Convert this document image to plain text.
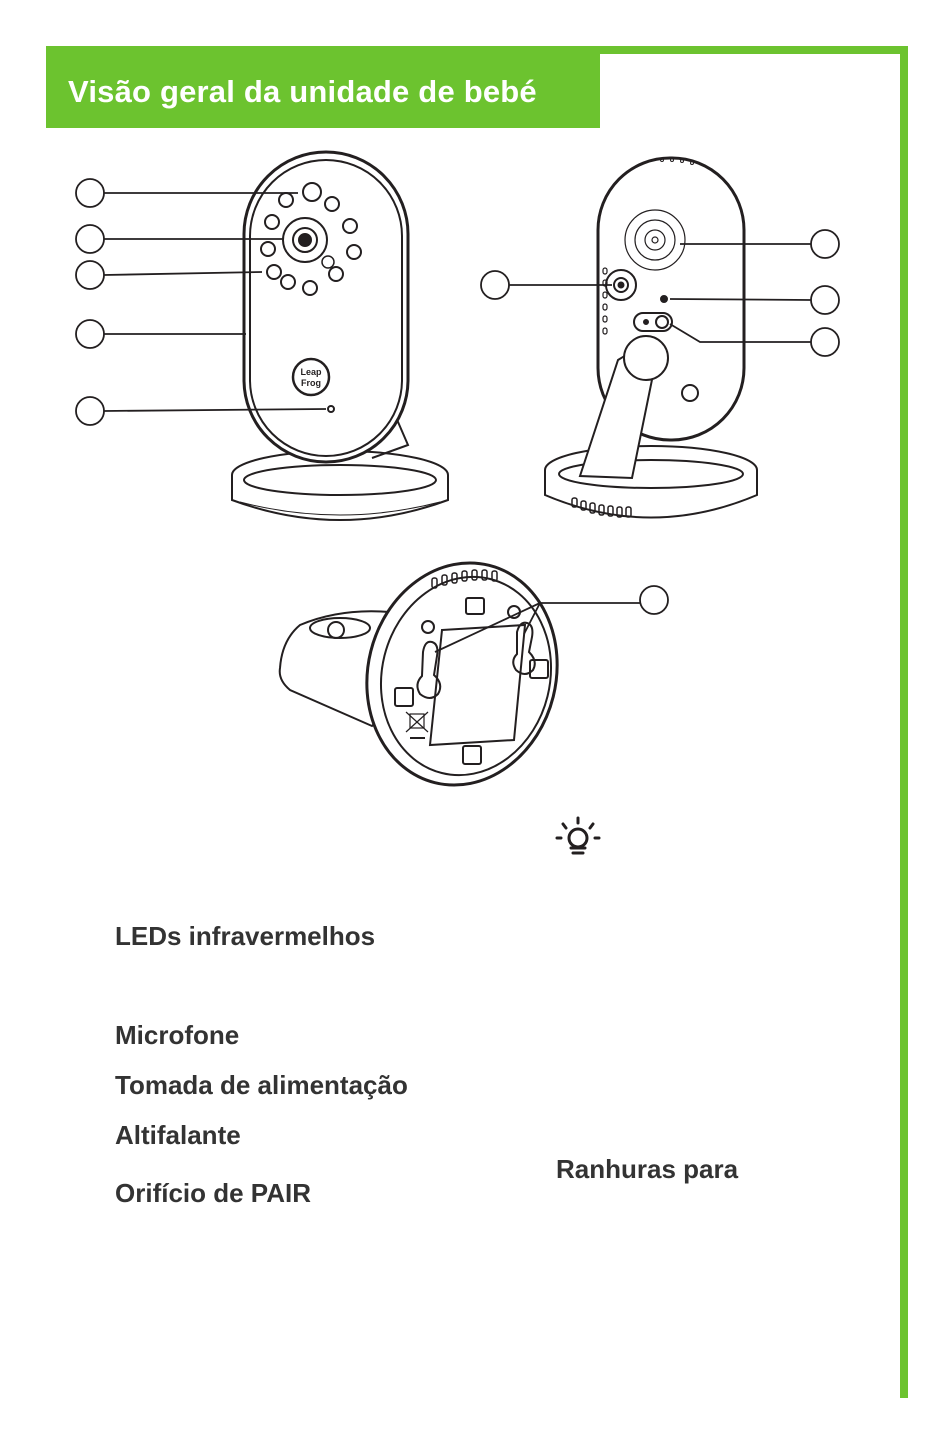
Visão geral da unidade de bebé
Leap
Frog
LEDs infravermelhos
Microfone
Tomada de alimentação
Altifalante
Orifício de PAIR
Ranhuras para
